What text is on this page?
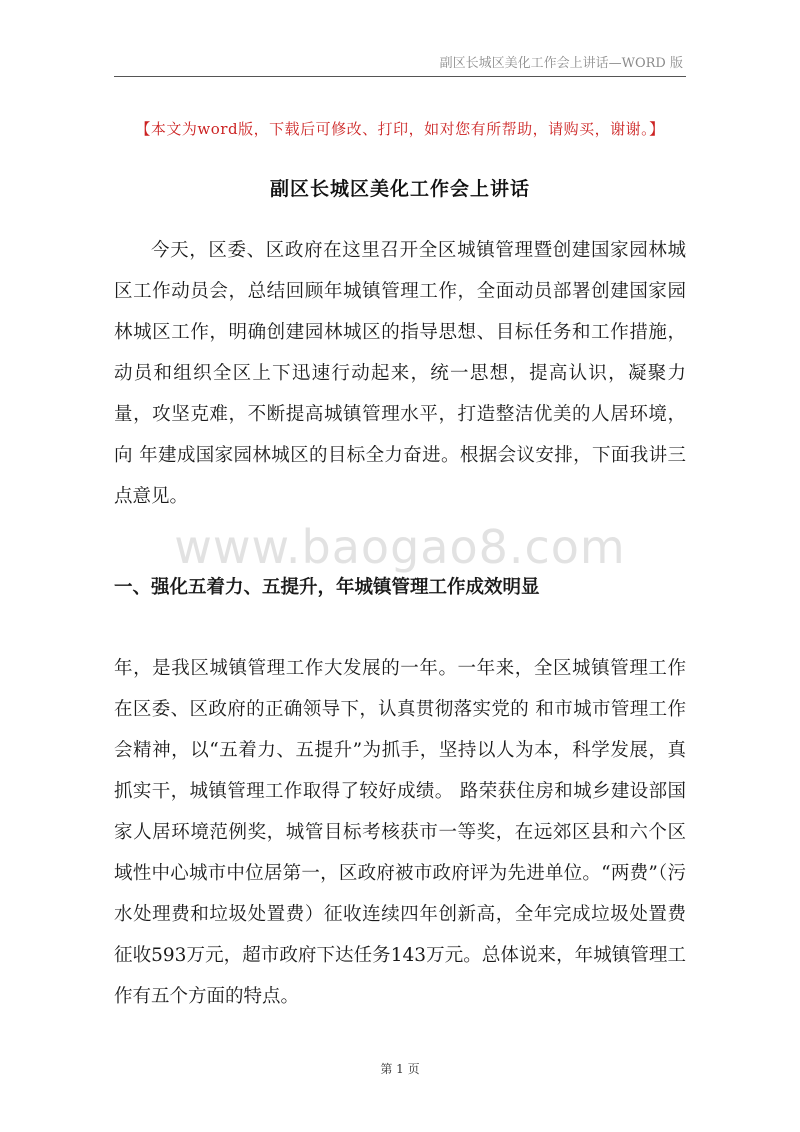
副区长城区美化工作会上讲话—WORD 版
【本文为word版，下载后可修改、打印，如对您有所帮助，请购买，谢谢。】
副区长城区美化工作会上讲话

今天，区委、区政府在这里召开全区城镇管理暨创建国家园林城区工作动员会，总结回顾年城镇管理工作，全面动员部署创建国家园林城区工作，明确创建园林城区的指导思想、目标任务和工作措施，动员和组织全区上下迅速行动起来，统一思想，提高认识，凝聚力量，攻坚克难，不断提高城镇管理水平，打造整洁优美的人居环境，向 年建成国家园林城区的目标全力奋进。根据会议安排，下面我讲三点意见。

www.baogao8.com
一、强化五着力、五提升，年城镇管理工作成效明显

年，是我区城镇管理工作大发展的一年。一年来，全区城镇管理工作在区委、区政府的正确领导下，认真贯彻落实党的 和市城市管理工作会精神，以“五着力、五提升”为抓手，坚持以人为本，科学发展，真抓实干，城镇管理工作取得了较好成绩。 路荣获住房和城乡建设部国家人居环境范例奖，城管目标考核获市一等奖，在远郊区县和六个区域性中心城市中位居第一，区政府被市政府评为先进单位。“两费”（污水处理费和垃圾处置费）征收连续四年创新高，全年完成垃圾处置费征收593万元，超市政府下达任务143万元。总体说来，年城镇管理工作有五个方面的特点。

第 1 页
